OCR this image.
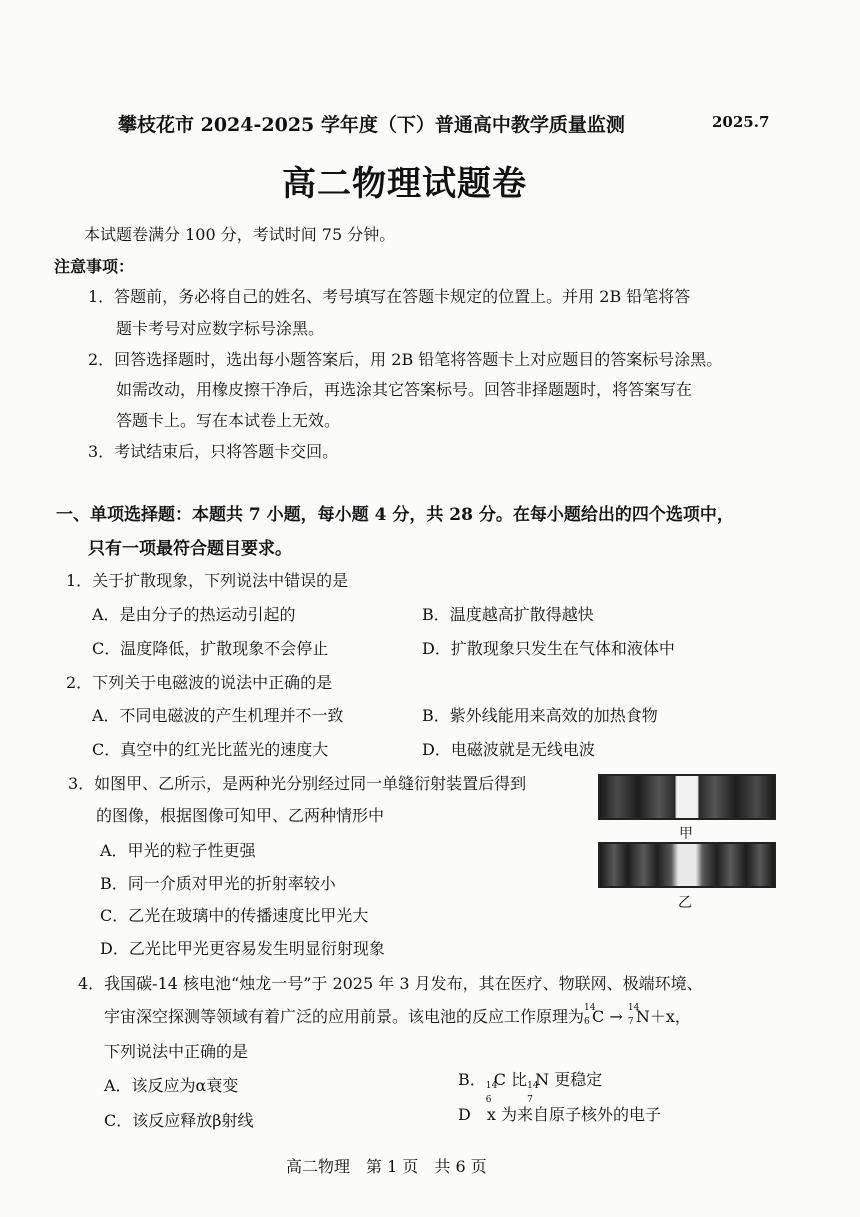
攀枝花市 2024-2025 学年度（下）普通高中教学质量监测	2025.7
高二物理试题卷
本试题卷满分 100 分，考试时间 75 分钟。
注意事项：
1．答题前，务必将自己的姓名、考号填写在答题卡规定的位置上。并用 2B 铅笔将答
题卡考号对应数字标号涂黑。
2．回答选择题时，选出每小题答案后，用 2B 铅笔将答题卡上对应题目的答案标号涂黑。
如需改动，用橡皮擦干净后，再选涂其它答案标号。回答非择题题时，将答案写在
答题卡上。写在本试卷上无效。
3．考试结束后，只将答题卡交回。
一、单项选择题：本题共 7 小题，每小题 4 分，共 28 分。在每小题给出的四个选项中，
只有一项最符合题目要求。
1．关于扩散现象，下列说法中错误的是
A．是由分子的热运动引起的	B．温度越高扩散得越快
C．温度降低，扩散现象不会停止	D．扩散现象只发生在气体和液体中
2．下列关于电磁波的说法中正确的是
A．不同电磁波的产生机理并不一致	B．紫外线能用来高效的加热食物
C．真空中的红光比蓝光的速度大	D．电磁波就是无线电波
3．如图甲、乙所示，是两种光分别经过同一单缝衍射装置后得到
的图像，根据图像可知甲、乙两种情形中
A．甲光的粒子性更强
B．同一介质对甲光的折射率较小
C．乙光在玻璃中的传播速度比甲光大
D．乙光比甲光更容易发生明显衍射现象
甲
乙
4．我国碳-14 核电池“烛龙一号”于 2025 年 3 月发布，其在医疗、物联网、极端环境、
宇宙深空探测等领域有着广泛的应用前景。该电池的反应工作原理为 14
6 C → 14
7 N＋x，
下列说法中正确的是
A．该反应为α衰变	B． 14
6
C 比 14
7
N 更稳定
C．该反应释放β射线	D　x 为来自原子核外的电子
高二物理　第 1 页　共 6 页
